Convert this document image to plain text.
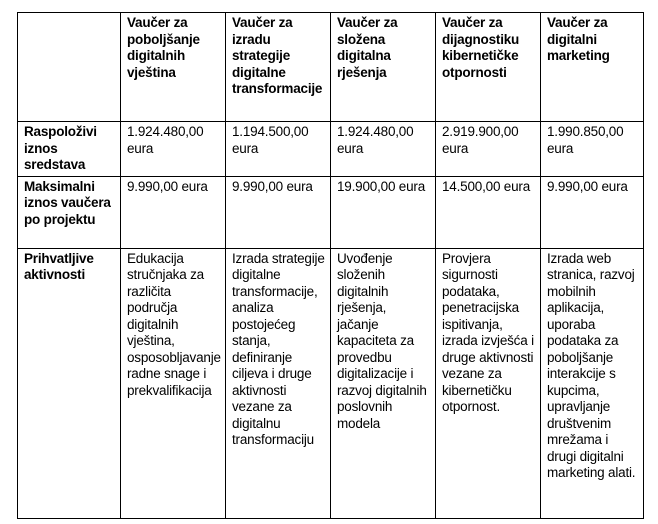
	Vaučer za poboljšanje digitalnih vještina	Vaučer za izradu strategije digitalne transformacije	Vaučer za složena digitalna rješenja	Vaučer za dijagnostiku kibernetičke otpornosti	Vaučer za digitalni marketing
Raspoloživi iznos sredstava	1.924.480,00 eura	1.194.500,00 eura	1.924.480,00 eura	2.919.900,00 eura	1.990.850,00 eura
Maksimalni iznos vaučera po projektu	9.990,00 eura	9.990,00 eura	19.900,00 eura	14.500,00 eura	9.990,00 eura
Prihvatljive aktivnosti	Edukacija stručnjaka za različita područja digitalnih vještina, osposobljavanje radne snage i prekvalifikacija	Izrada strategije digitalne transformacije, analiza postojećeg stanja, definiranje ciljeva i druge aktivnosti vezane za digitalnu transformaciju	Uvođenje složenih digitalnih rješenja, jačanje kapaciteta za provedbu digitalizacije i razvoj digitalnih poslovnih modela	Provjera sigurnosti podataka, penetracijska ispitivanja, izrada izvješća i druge aktivnosti vezane za kibernetičku otpornost.	Izrada web stranica, razvoj mobilnih aplikacija, uporaba podataka za poboljšanje interakcije s kupcima, upravljanje društvenim mrežama i drugi digitalni marketing alati.
